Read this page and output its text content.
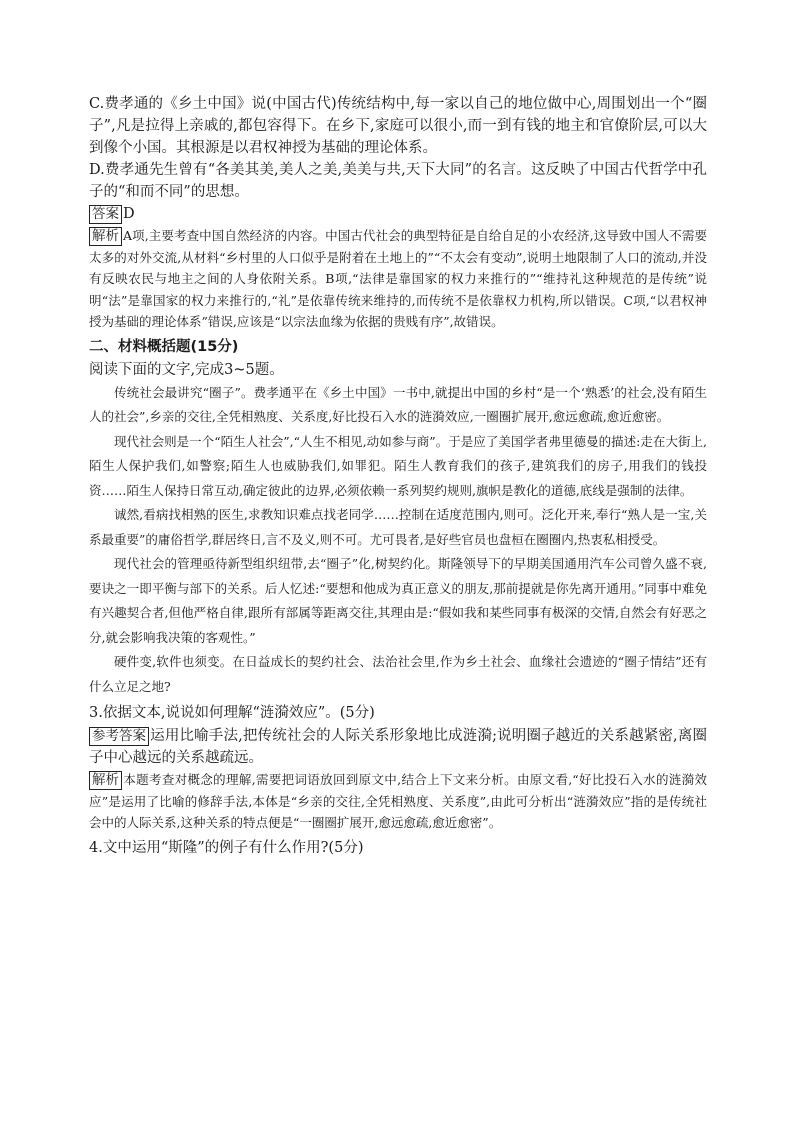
C.费孝通的《乡土中国》说(中国古代)传统结构中,每一家以自己的地位做中心,周围划出一个“圈子”,凡是拉得上亲戚的,都包容得下。在乡下,家庭可以很小,而一到有钱的地主和官僚阶层,可以大到像个小国。其根源是以君权神授为基础的理论体系。

D.费孝通先生曾有“各美其美,美人之美,美美与共,天下大同”的名言。这反映了中国古代哲学中孔子的“和而不同”的思想。

答案 D

解析 A项,主要考查中国自然经济的内容。中国古代社会的典型特征是自给自足的小农经济,这导致中国人不需要太多的对外交流,从材料“乡村里的人口似乎是附着在土地上的”“不太会有变动”,说明土地限制了人口的流动,并没有反映农民与地主之间的人身依附关系。B项,“法律是靠国家的权力来推行的”“维持礼这种规范的是传统”说明“法”是靠国家的权力来推行的,“礼”是依靠传统来维持的,而传统不是依靠权力机构,所以错误。C项,“以君权神授为基础的理论体系”错误,应该是“以宗法血缘为依据的贵贱有序”,故错误。

二、材料概括题(15分)

阅读下面的文字,完成3~5题。

传统社会最讲究“圈子”。费孝通平在《乡土中国》一书中,就提出中国的乡村“是一个‘熟悉’的社会,没有陌生人的社会”,乡亲的交往,全凭相熟度、关系度,好比投石入水的涟漪效应,一圈圈扩展开,愈远愈疏,愈近愈密。

现代社会则是一个“陌生人社会”,“人生不相见,动如参与商”。于是应了美国学者弗里德曼的描述:走在大街上,陌生人保护我们,如警察;陌生人也威胁我们,如罪犯。陌生人教育我们的孩子,建筑我们的房子,用我们的钱投资……陌生人保持日常互动,确定彼此的边界,必须依赖一系列契约规则,旗帜是教化的道德,底线是强制的法律。

诚然,看病找相熟的医生,求教知识难点找老同学……控制在适度范围内,则可。泛化开来,奉行“熟人是一宝,关系最重要”的庸俗哲学,群居终日,言不及义,则不可。尤可畏者,是好些官员也盘桓在圈圈内,热衷私相授受。

现代社会的管理亟待新型组织纽带,去“圈子”化,树契约化。斯隆领导下的早期美国通用汽车公司曾久盛不衰,要诀之一即平衡与部下的关系。后人忆述:“要想和他成为真正意义的朋友,那前提就是你先离开通用。”同事中难免有兴趣契合者,但他严格自律,跟所有部属等距离交往,其理由是:“假如我和某些同事有极深的交情,自然会有好恶之分,就会影响我决策的客观性。”

硬件变,软件也须变。在日益成长的契约社会、法治社会里,作为乡土社会、血缘社会遗迹的“圈子情结”还有什么立足之地?

3.依据文本,说说如何理解“涟漪效应”。(5分)

参考答案 运用比喻手法,把传统社会的人际关系形象地比成涟漪;说明圈子越近的关系越紧密,离圈子中心越远的关系越疏远。

解析 本题考查对概念的理解,需要把词语放回到原文中,结合上下文来分析。由原文看,“好比投石入水的涟漪效应”是运用了比喻的修辞手法,本体是“乡亲的交往,全凭相熟度、关系度”,由此可分析出“涟漪效应”指的是传统社会中的人际关系,这种关系的特点便是“一圈圈扩展开,愈远愈疏,愈近愈密”。

4.文中运用“斯隆”的例子有什么作用?(5分)
